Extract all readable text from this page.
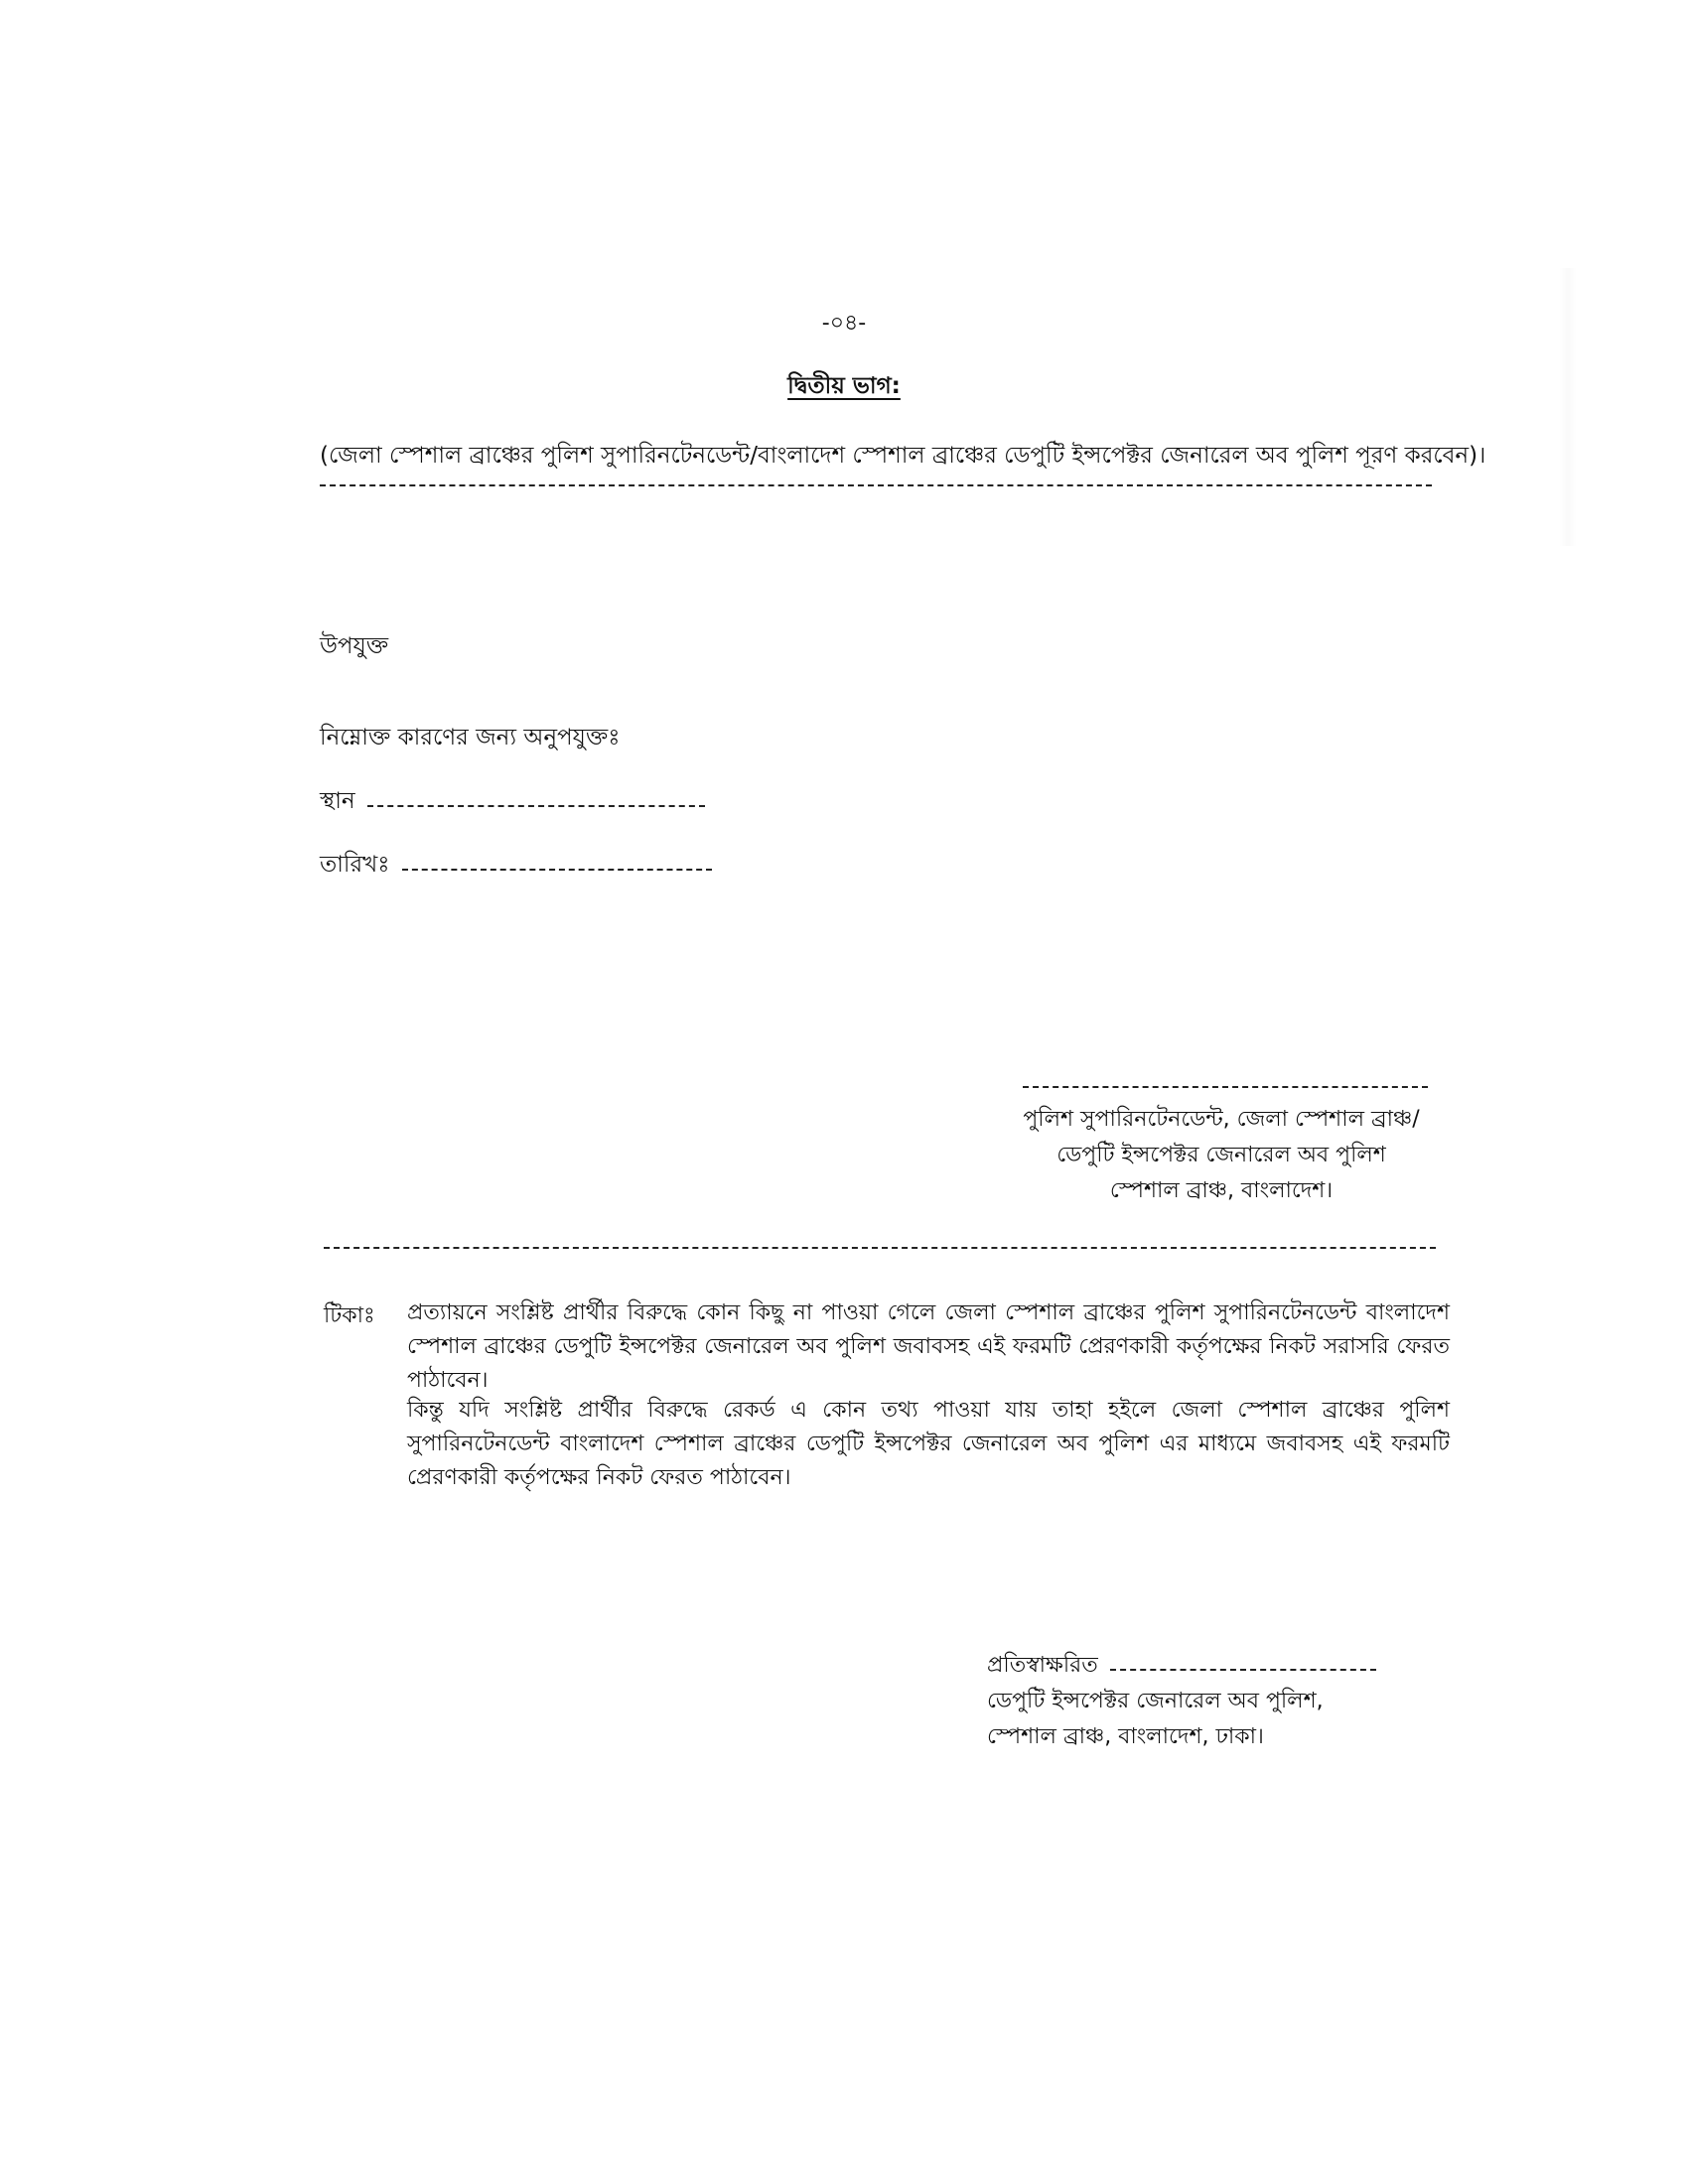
-০৪-
দ্বিতীয় ভাগ:
(জেলা স্পেশাল ব্রাঞ্চের পুলিশ সুপারিনটেনডেন্ট/বাংলাদেশ স্পেশাল ব্রাঞ্চের ডেপুটি ইন্সপেক্টর জেনারেল অব পুলিশ পূরণ করবেন)।
উপযুক্ত
নিম্নোক্ত কারণের জন্য অনুপযুক্তঃ
স্থান
তারিখঃ
পুলিশ সুপারিনটেনডেন্ট, জেলা স্পেশাল ব্রাঞ্চ/
ডেপুটি ইন্সপেক্টর জেনারেল অব পুলিশ
স্পেশাল ব্রাঞ্চ, বাংলাদেশ।
টিকাঃ প্রত্যায়নে সংশ্লিষ্ট প্রার্থীর বিরুদ্ধে কোন কিছু না পাওয়া গেলে জেলা স্পেশাল ব্রাঞ্চের পুলিশ সুপারিনটেনডেন্ট বাংলাদেশ স্পেশাল ব্রাঞ্চের ডেপুটি ইন্সপেক্টর জেনারেল অব পুলিশ জবাবসহ এই ফরমটি প্রেরণকারী কর্তৃপক্ষের নিকট সরাসরি ফেরত পাঠাবেন।
কিন্তু যদি সংশ্লিষ্ট প্রার্থীর বিরুদ্ধে রেকর্ড এ কোন তথ্য পাওয়া যায় তাহা হইলে জেলা স্পেশাল ব্রাঞ্চের পুলিশ সুপারিনটেনডেন্ট বাংলাদেশ স্পেশাল ব্রাঞ্চের ডেপুটি ইন্সপেক্টর জেনারেল অব পুলিশ এর মাধ্যমে জবাবসহ এই ফরমটি প্রেরণকারী কর্তৃপক্ষের নিকট ফেরত পাঠাবেন।
প্রতিস্বাক্ষরিত
ডেপুটি ইন্সপেক্টর জেনারেল অব পুলিশ,
স্পেশাল ব্রাঞ্চ, বাংলাদেশ, ঢাকা।
